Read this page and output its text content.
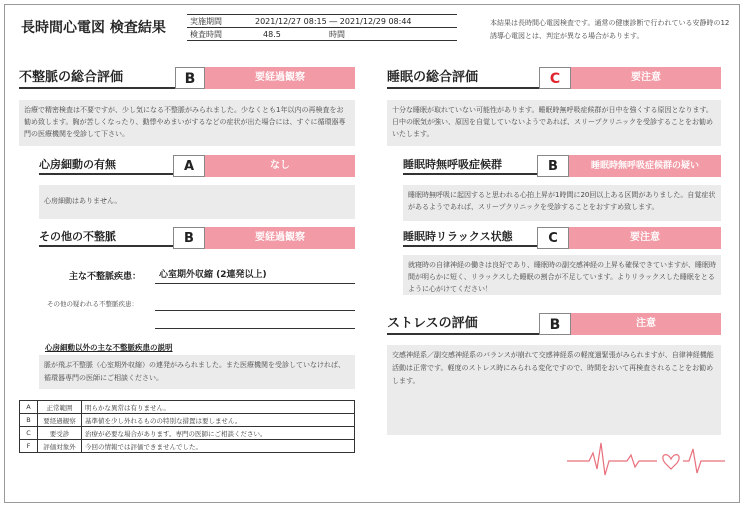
長時間心電図 検査結果	実施期間	2021/12/27 08:15 ― 2021/12/29 08:44
検査時間	48.5	時間
本結果は長時間心電図検査です。通常の健康診断で行われている安静時の12誘導心電図とは、判定が異なる場合があります。
不整脈の総合評価	B	要経過観察
治療で精密検査は不要ですが、少し気になる不整脈がみられました。少なくとも1年以内の再検査をお勧め致します。胸が苦しくなったり、動悸やめまいがするなどの症状が出た場合には、すぐに循環器専門の医療機関を受診して下さい。
心房細動の有無	A	なし
心房細動はありません。
その他の不整脈	B	要経過観察
主な不整脈疾患：	心室期外収縮 (2連発以上)
その他の疑われる不整脈疾患：
心房細動以外の主な不整脈疾患の説明
脈が飛ぶ不整脈（心室期外収縮）の連発がみられました。また医療機関を受診していなければ、循環器専門の医師にご相談ください。
A	正常範囲	明らかな異常は有りません。
B	要経過観察	基準値を少し外れるものの特別な措置は要しません。
C	要受診	治療が必要な場合があります。専門の医師にご相談ください。
F	評価対象外	今回の情報では評価できませんでした。
睡眠の総合評価	C	要注意
十分な睡眠が取れていない可能性があります。睡眠時無呼吸症候群が日中を強くする原因となります。日中の眠気が強い、原因を自覚していないようであれば、スリープクリニックを受診することをお勧めいたします。
睡眠時無呼吸症候群	B	睡眠時無呼吸症候群の疑い
睡眠時無呼吸に起因すると思われる心拍上昇が1時間に20回以上ある区間がありました。自覚症状があるようであれば、スリープクリニックを受診することをおすすめ致します。
睡眠時リラックス状態	C	要注意
就寝時の自律神経の働きは良好であり、睡眠時の副交感神経の上昇も確保できていますが、睡眠時間が明らかに短く、リラックスした睡眠の割合が不足しています。よりリラックスした睡眠をとるように心がけてください！
ストレスの評価	B	注意
交感神経系／副交感神経系のバランスが崩れて交感神経系の軽度過緊張がみられますが、自律神経機能活動は正常です。軽度のストレス時にみられる変化ですので、時間をおいて再検査されることをお勧めします。
